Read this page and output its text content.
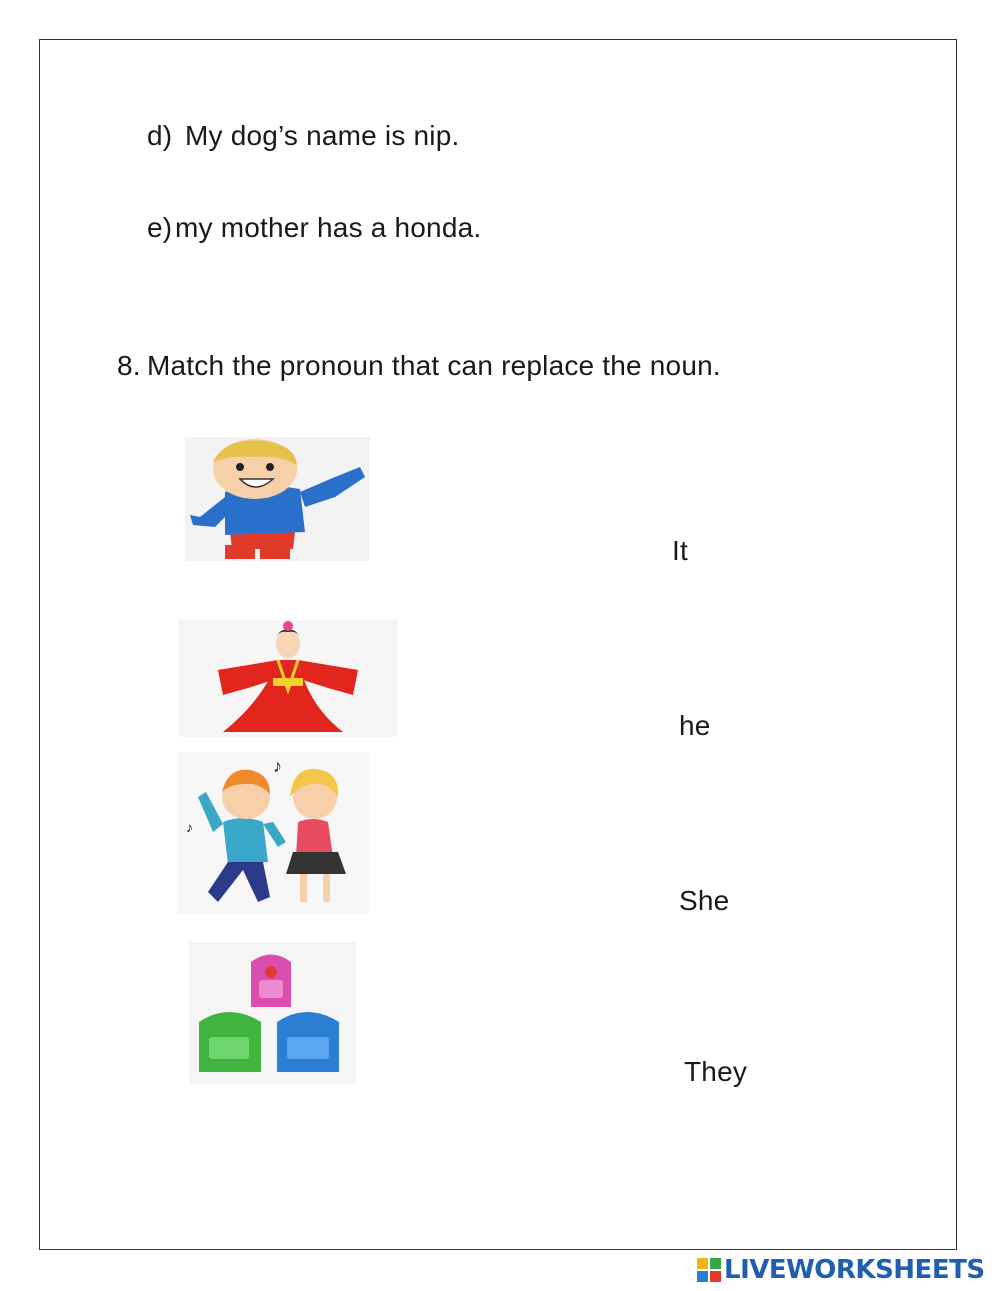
d) My dog’s name is nip.
e)my mother has a honda.
8. Match the pronoun that can replace the noun.
♪
♪
It
he
She
They
LIVEWORKSHEETS
